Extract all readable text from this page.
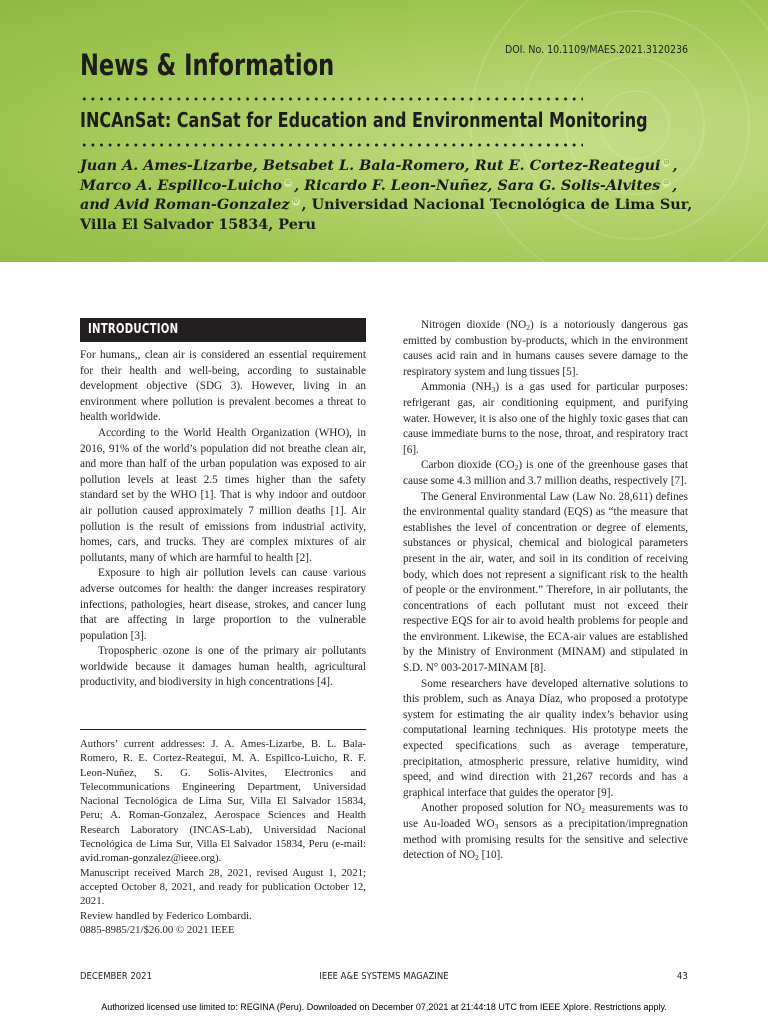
DOI. No. 10.1109/MAES.2021.3120236
News & Information
INCAnSat: CanSat for Education and Environmental Monitoring
Juan A. Ames-Lizarbe, Betsabet L. Bala-Romero, Rut E. Cortez-Reategui iD ,
Marco A. Espillco-Luicho iD , Ricardo F. Leon-Nuñez, Sara G. Solis-Alvites iD ,
and Avid Roman-Gonzalez iD , Universidad Nacional Tecnológica de Lima Sur, Villa El Salvador 15834, Peru
INTRODUCTION

For humans,, clean air is considered an essential requirement for their health and well-being, according to sustainable development objective (SDG 3). However, living in an environment where pollution is prevalent becomes a threat to health worldwide.

According to the World Health Organization (WHO), in 2016, 91% of the world’s population did not breathe clean air, and more than half of the urban population was exposed to air pollution levels at least 2.5 times higher than the safety standard set by the WHO [1]. That is why indoor and outdoor air pollution caused approximately 7 million deaths [1]. Air pollution is the result of emissions from industrial activity, homes, cars, and trucks. They are complex mixtures of air pollutants, many of which are harmful to health [2].

Exposure to high air pollution levels can cause various adverse outcomes for health: the danger increases respiratory infections, pathologies, heart disease, strokes, and cancer lung that are affecting in large proportion to the vulnerable population [3].

Tropospheric ozone is one of the primary air pollutants worldwide because it damages human health, agricultural productivity, and biodiversity in high concentrations [4].

Authors’ current addresses: J. A. Ames-Lizarbe, B. L. Bala-Romero, R. E. Cortez-Reategui, M. A. Espillco-Luicho, R. F. Leon-Nuñez, S. G. Solis-Alvites, Electronics and Telecommunications Engineering Department, Universidad Nacional Tecnológica de Lima Sur, Villa El Salvador 15834, Peru; A. Roman-Gonzalez, Aerospace Sciences and Health Research Laboratory (INCAS-Lab), Universidad Nacional Tecnológica de Lima Sur, Villa El Salvador 15834, Peru (e-mail: avid.roman-gonzalez@ieee.org).

Manuscript received March 28, 2021, revised August 1, 2021; accepted October 8, 2021, and ready for publication October 12, 2021.

Review handled by Federico Lombardi.

0885-8985/21/$26.00 © 2021 IEEE

Nitrogen dioxide $(NO_2)$ is a notoriously dangerous gas emitted by combustion by-products, which in the environment causes acid rain and in humans causes severe damage to the respiratory system and lung tissues [5].

Ammonia $(NH_3)$ is a gas used for particular purposes: refrigerant gas, air conditioning equipment, and purifying water. However, it is also one of the highly toxic gases that can cause immediate burns to the nose, throat, and respiratory tract [6].

Carbon dioxide $(CO_2)$ is one of the greenhouse gases that cause some 4.3 million and 3.7 million deaths, respectively [7].

The General Environmental Law (Law No. 28,611) defines the environmental quality standard (EQS) as “the measure that establishes the level of concentration or degree of elements, substances or physical, chemical and biological parameters present in the air, water, and soil in its condition of receiving body, which does not represent a significant risk to the health of people or the environment.” Therefore, in air pollutants, the concentrations of each pollutant must not exceed their respective EQS for air to avoid health problems for people and the environment. Likewise, the ECA-air values are established by the Ministry of Environment (MINAM) and stipulated in S.D. N° 003-2017-MINAM [8].

Some researchers have developed alternative solutions to this problem, such as Anaya Díaz, who proposed a prototype system for estimating the air quality index’s behavior using computational learning techniques. His prototype meets the expected specifications such as average temperature, precipitation, atmospheric pressure, relative humidity, wind speed, and wind direction with 21,267 records and has a graphical interface that guides the operator [9].

Another proposed solution for $NO_2$ measurements was to use Au-loaded $WO_3$ sensors as a precipitation/impregnation method with promising results for the sensitive and selective detection of $NO_2$ [10].

DECEMBER 2021	IEEE A&E SYSTEMS MAGAZINE	43
Authorized licensed use limited to: REGINA (Peru). Downloaded on December 07,2021 at 21:44:18 UTC from IEEE Xplore. Restrictions apply.
